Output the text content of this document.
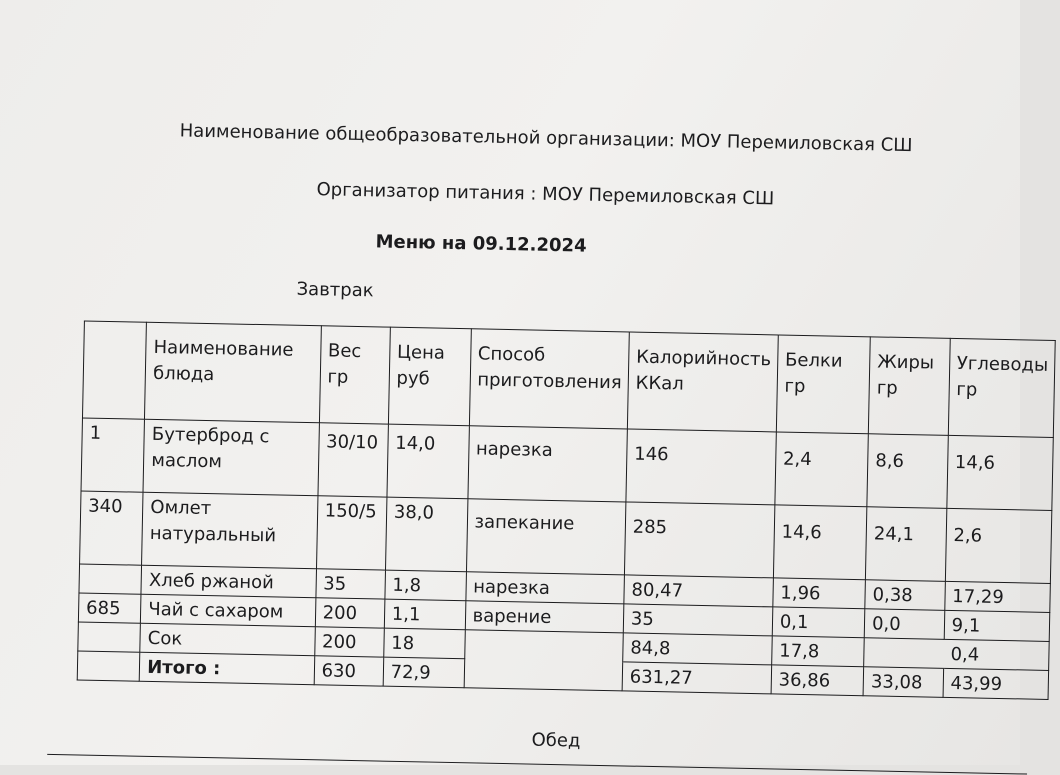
Наименование общеобразовательной организации: МОУ Перемиловская СШ
Организатор питания : МОУ Перемиловская СШ
Меню на 09.12.2024
Завтрак
	Наименование блюда	Вес гр	Цена руб	Способ приготовления	Калорийность ККал	Белки гр	Жиры гр	Углеводы гр
1	Бутерброд с маслом	30/10	14,0	нарезка	146	2,4	8,6	14,6
340	Омлет натуральный	150/5	38,0	запекание	285	14,6	24,1	2,6
	Хлеб ржаной	35	1,8	нарезка	80,47	1,96	0,38	17,29
685	Чай с сахаром	200	1,1	варение	35	0,1	0,0	9,1
	Сок	200	18		84,8	17,8		0,4
	Итого :	630	72,9		631,27	36,86	33,08	43,99
Обед
